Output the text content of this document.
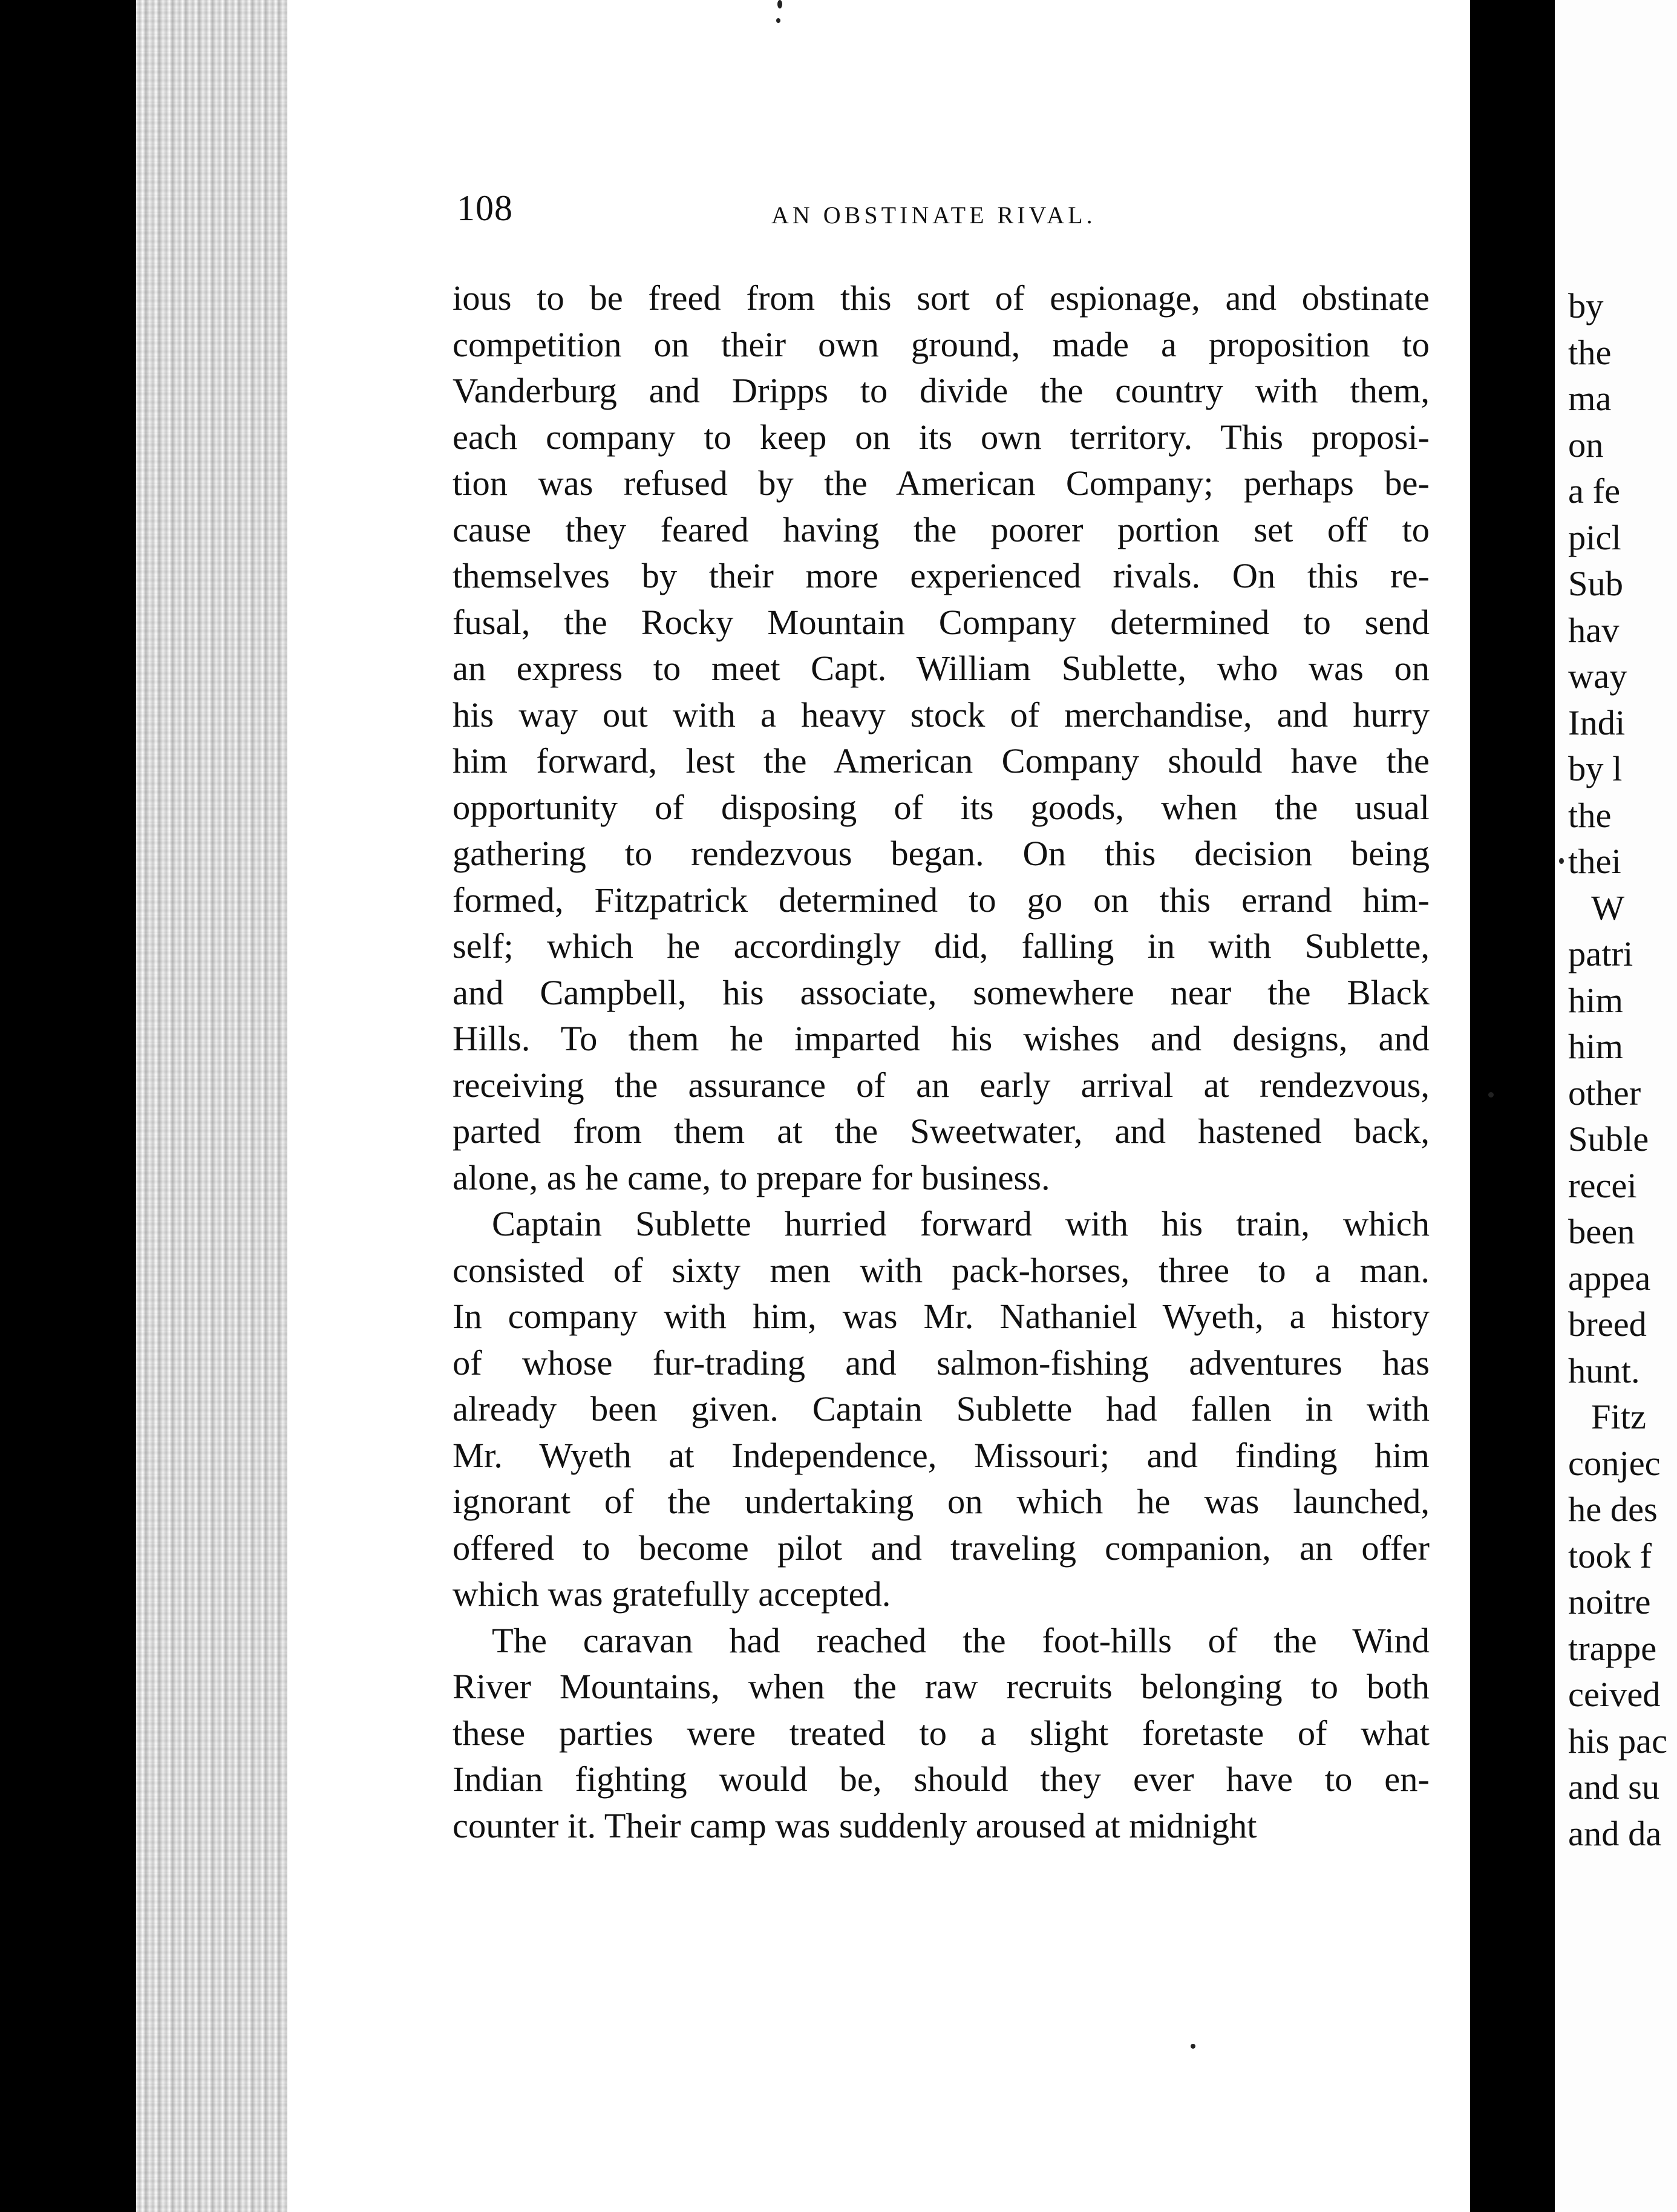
108	AN OBSTINATE RIVAL.
ious to be freed from this sort of espionage, and obstinate
competition on their own ground, made a proposition to
Vanderburg and Dripps to divide the country with them,
each company to keep on its own territory. This proposi-
tion was refused by the American Company; perhaps be-
cause they feared having the poorer portion set off to
themselves by their more experienced rivals. On this re-
fusal, the Rocky Mountain Company determined to send
an express to meet Capt. William Sublette, who was on
his way out with a heavy stock of merchandise, and hurry
him forward, lest the American Company should have the
opportunity of disposing of its goods, when the usual
gathering to rendezvous began. On this decision being
formed, Fitzpatrick determined to go on this errand him-
self; which he accordingly did, falling in with Sublette,
and Campbell, his associate, somewhere near the Black
Hills. To them he imparted his wishes and designs, and
receiving the assurance of an early arrival at rendezvous,
parted from them at the Sweetwater, and hastened back,
alone, as he came, to prepare for business.
Captain Sublette hurried forward with his train, which
consisted of sixty men with pack-horses, three to a man.
In company with him, was Mr. Nathaniel Wyeth, a history
of whose fur-trading and salmon-fishing adventures has
already been given. Captain Sublette had fallen in with
Mr. Wyeth at Independence, Missouri; and finding him
ignorant of the undertaking on which he was launched,
offered to become pilot and traveling companion, an offer
which was gratefully accepted.
The caravan had reached the foot-hills of the Wind
River Mountains, when the raw recruits belonging to both
these parties were treated to a slight foretaste of what
Indian fighting would be, should they ever have to en-
counter it. Their camp was suddenly aroused at midnight
by
the
ma
on
a fe
picl
Sub
hav
way
Indi
by l
the
thei
W
patri
him
him
other
Suble
recei
been
appea
breed
hunt.
Fitz
conjec
he des
took f
noitre
trappe
ceived
his pac
and su
and da
